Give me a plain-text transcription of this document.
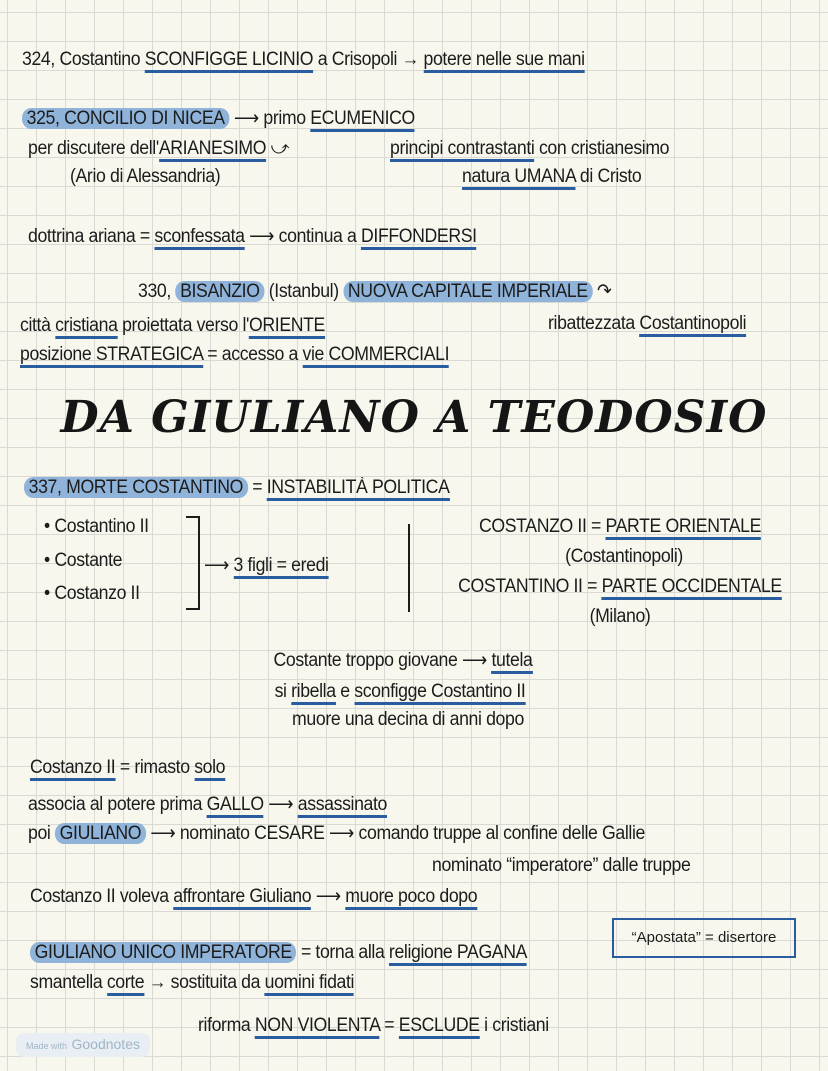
324, Costantino SCONFIGGE LICINIO a Crisopoli → potere nelle sue mani
325, CONCILIO DI NICEA ⟶ primo ECUMENICO
per discutere dell'ARIANESIMO ⤻	principi contrastanti con cristianesimo
(Ario di Alessandria)	natura UMANA di Cristo
dottrina ariana = sconfessata ⟶ continua a DIFFONDERSI
330, BISANZIO (Istanbul) NUOVA CAPITALE IMPERIALE ↷
città cristiana proiettata verso l'ORIENTE	ribattezzata Costantinopoli
posizione STRATEGICA = accesso a vie COMMERCIALI
DA GIULIANO A TEODOSIO
337, MORTE COSTANTINO = INSTABILITÀ POLITICA
• Costantino II
• Costante
• Costanzo II
⟶ 3 figli = eredi
COSTANZO II = PARTE ORIENTALE
(Costantinopoli)
COSTANTINO II = PARTE OCCIDENTALE
(Milano)
Costante troppo giovane ⟶ tutela
si ribella e sconfigge Costantino II
muore una decina di anni dopo
Costanzo II = rimasto solo
associa al potere prima GALLO ⟶ assassinato
poi GIULIANO ⟶ nominato CESARE ⟶ comando truppe al confine delle Gallie
nominato “imperatore” dalle truppe
Costanzo II voleva affrontare Giuliano ⟶ muore poco dopo
“Apostata” = disertore
GIULIANO UNICO IMPERATORE = torna alla religione PAGANA
smantella corte → sostituita da uomini fidati
riforma NON VIOLENTA = ESCLUDE i cristiani
Made with Goodnotes
